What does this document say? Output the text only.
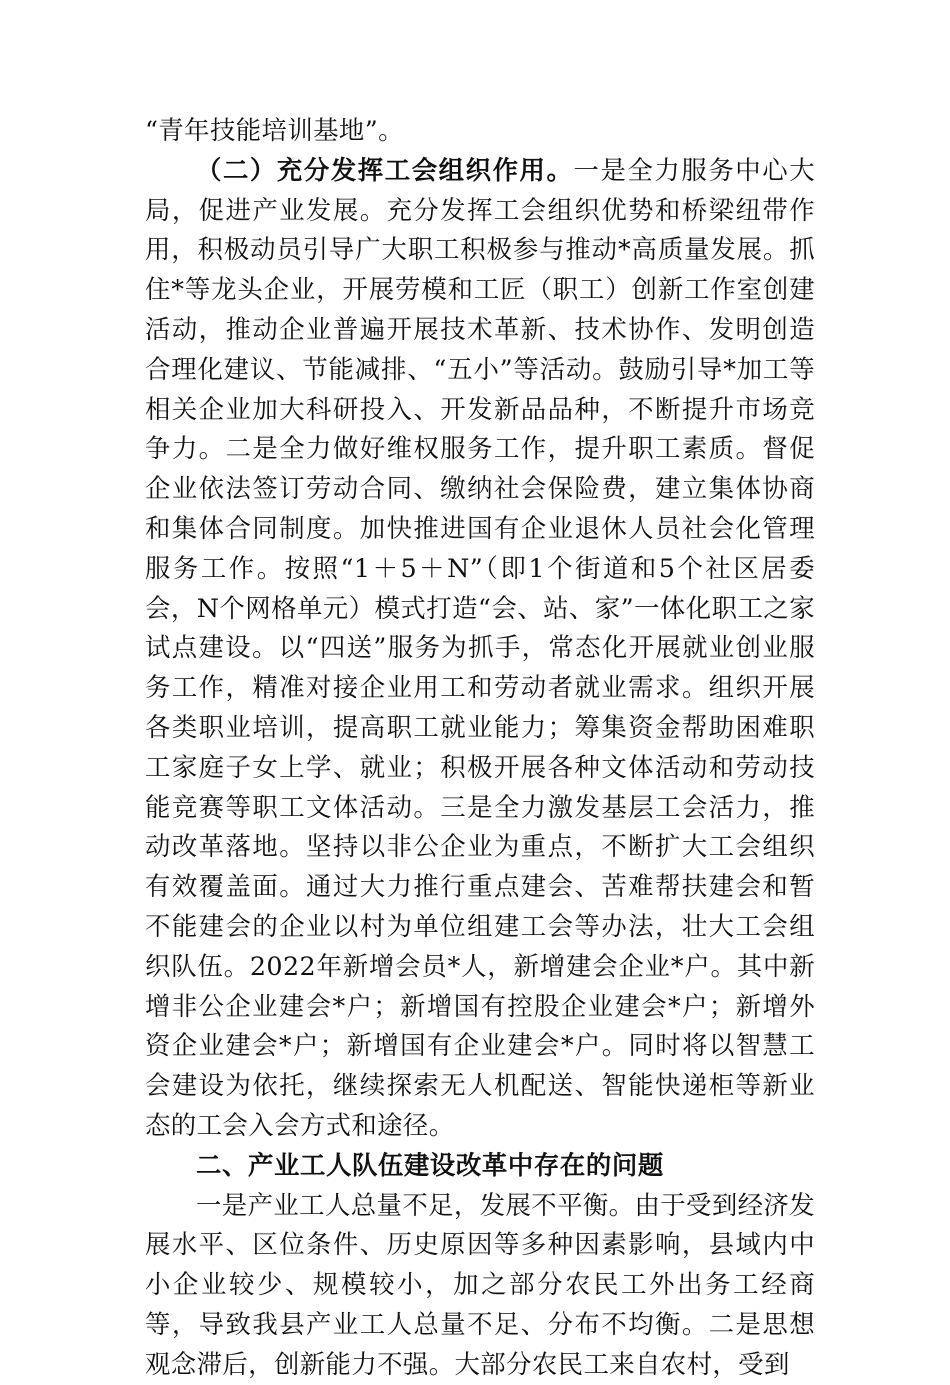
“青年技能培训基地”。

（二）充分发挥工会组织作用。一是全力服务中心大局，促进产业发展。充分发挥工会组织优势和桥梁纽带作用，积极动员引导广大职工积极参与推动*高质量发展。抓住*等龙头企业，开展劳模和工匠（职工）创新工作室创建活动，推动企业普遍开展技术革新、技术协作、发明创造合理化建议、节能减排、“五小”等活动。鼓励引导*加工等相关企业加大科研投入、开发新品品种，不断提升市场竞争力。二是全力做好维权服务工作，提升职工素质。督促企业依法签订劳动合同、缴纳社会保险费，建立集体协商和集体合同制度。加快推进国有企业退休人员社会化管理服务工作。按照“1＋5＋N”（即1个街道和5个社区居委会，N个网格单元）模式打造“会、站、家”一体化职工之家试点建设。以“四送”服务为抓手，常态化开展就业创业服务工作，精准对接企业用工和劳动者就业需求。组织开展各类职业培训，提高职工就业能力；筹集资金帮助困难职工家庭子女上学、就业；积极开展各种文体活动和劳动技能竞赛等职工文体活动。三是全力激发基层工会活力，推动改革落地。坚持以非公企业为重点，不断扩大工会组织有效覆盖面。通过大力推行重点建会、苦难帮扶建会和暂不能建会的企业以村为单位组建工会等办法，壮大工会组织队伍。2022年新增会员*人，新增建会企业*户。其中新增非公企业建会*户；新增国有控股企业建会*户；新增外资企业建会*户；新增国有企业建会*户。同时将以智慧工会建设为依托，继续探索无人机配送、智能快递柜等新业态的工会入会方式和途径。

二、产业工人队伍建设改革中存在的问题

一是产业工人总量不足，发展不平衡。由于受到经济发展水平、区位条件、历史原因等多种因素影响，县域内中小企业较少、规模较小，加之部分农民工外出务工经商等，导致我县产业工人总量不足、分布不均衡。二是思想观念滞后，创新能力不强。大部分农民工来自农村，受到
